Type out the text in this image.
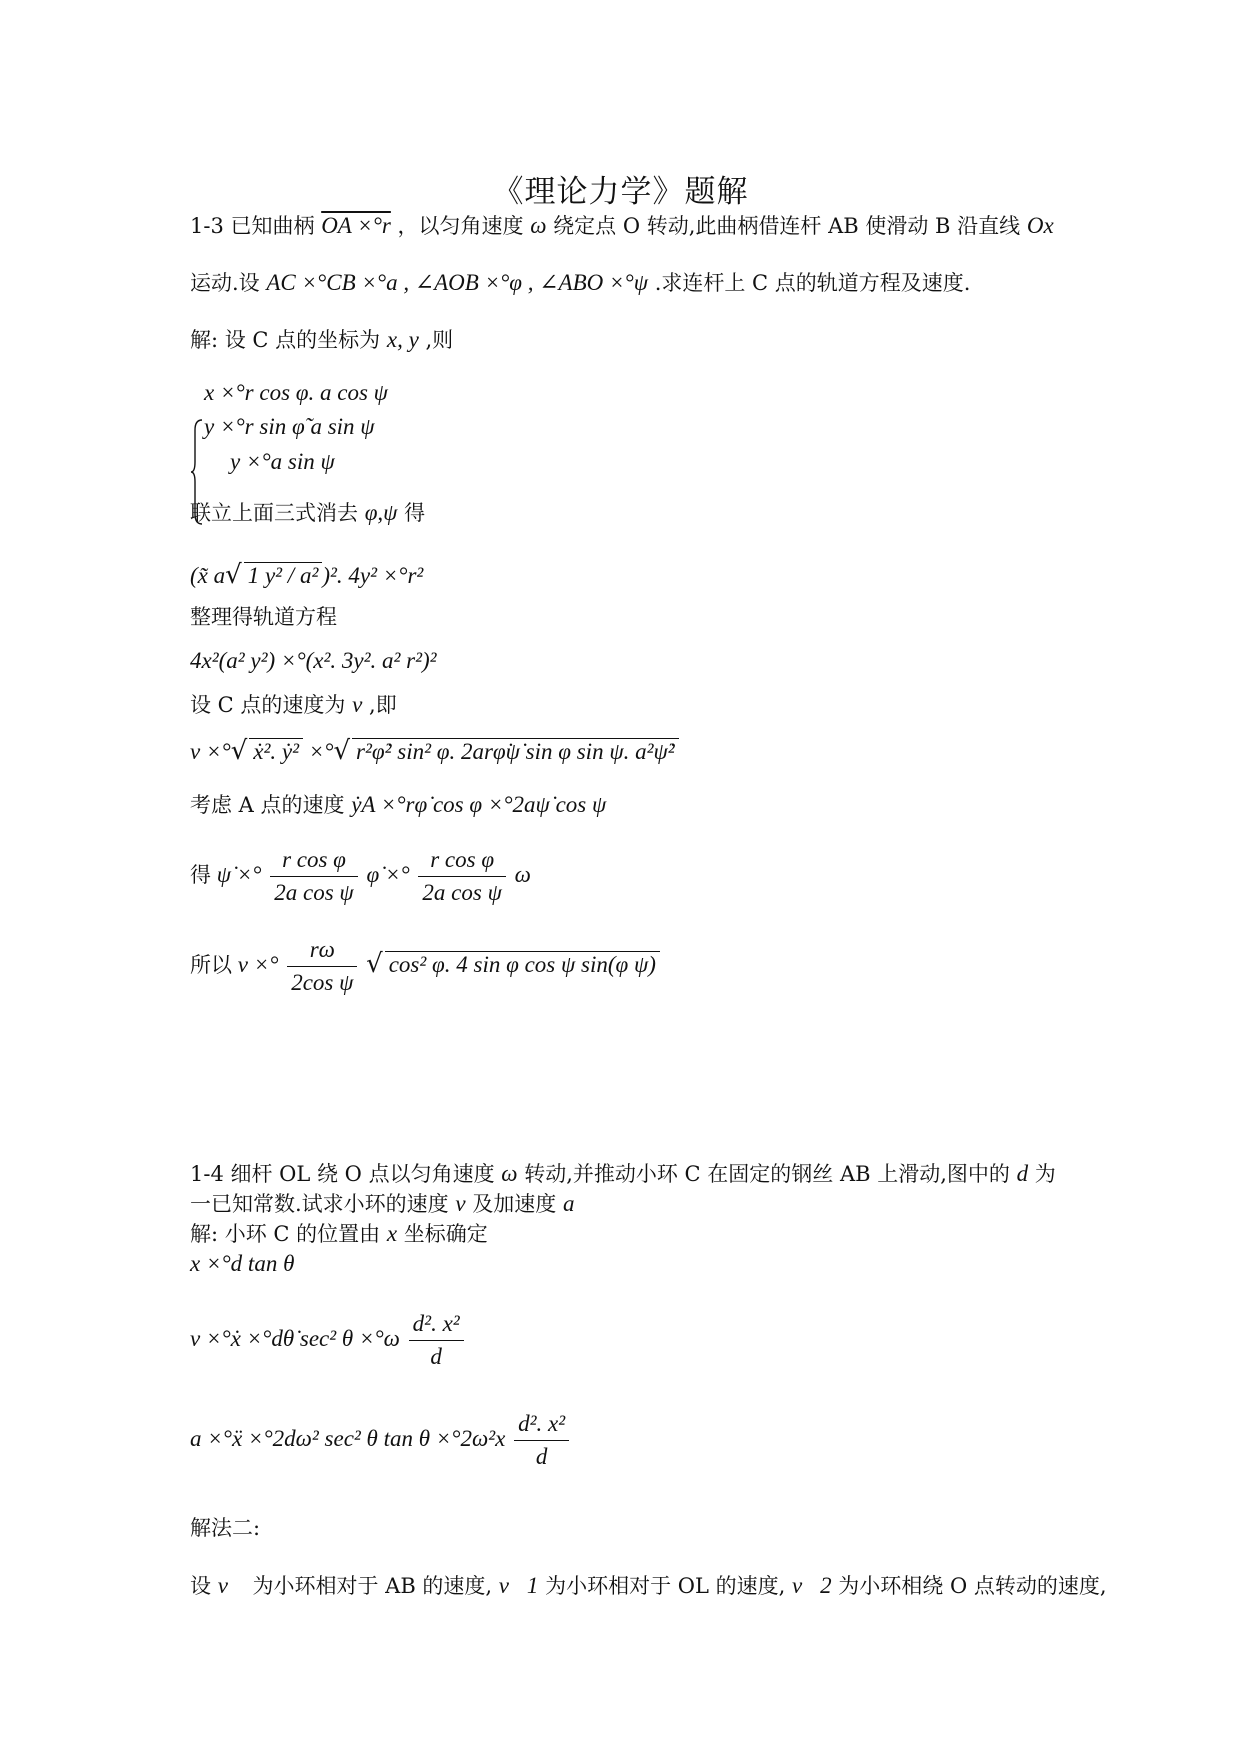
《理论力学》题解
1-3 已知曲柄 OA ×°r ，以匀角速度 ω 绕定点 O 转动,此曲柄借连杆 AB 使滑动 B 沿直线 Ox
运动.设 AC ×°CB ×°a , ∠AOB ×°φ , ∠ABO ×°ψ .求连杆上 C 点的轨道方程及速度.
解: 设 C 点的坐标为 x, y ,则
x ×°r cos φ. a cos ψ
y ×°r sin φ̃ a sin ψ
y ×°a sin ψ
联立上面三式消去 φ,ψ 得
(x̃ a√ 1 y² / a² )². 4y² ×°r²
整理得轨道方程
4x²(a² y²) ×°(x². 3y². a² r²)²
设 C 点的速度为 v ,即
v ×°√ ẋ². ẏ² ×°√ r²φ̇² sin² φ. 2arφ̇ψ̇ sin φ sin ψ. a²ψ̇²
考虑 A 点的速度 ẏA ×°rφ̇ cos φ ×°2aψ̇ cos ψ
得 ψ̇ ×° $\frac{\text{r cos φ}}{\text{2a cos ψ}}$ φ̇ ×° $\frac{\text{r cos φ}}{\text{2a cos ψ}}$ ω
所以 v ×° $\frac{r\omega}{\text{2cos ψ}}$ √ cos² φ. 4 sin φ cos ψ sin(φ ψ)
1-4 细杆 OL 绕 O 点以匀角速度 ω 转动,并推动小环 C 在固定的钢丝 AB 上滑动,图中的 d 为
一已知常数.试求小环的速度 v 及加速度 a
解: 小环 C 的位置由 x 坐标确定
x ×°d tan θ
v ×°ẋ ×°dθ̇ sec² $\theta \times^\circ\omega \frac{\text{d². x²}}{d}$
a ×°ẍ ×°2dω² sec² θ $\tan \theta \times^\circ 2\omega^2x \frac{\text{d². x²}}{d}$
解法二:
设 v⃗ 为小环相对于 AB 的速度, v⃗1 为小环相对于 OL 的速度, v⃗2 为小环相绕 O 点转动的速度,
